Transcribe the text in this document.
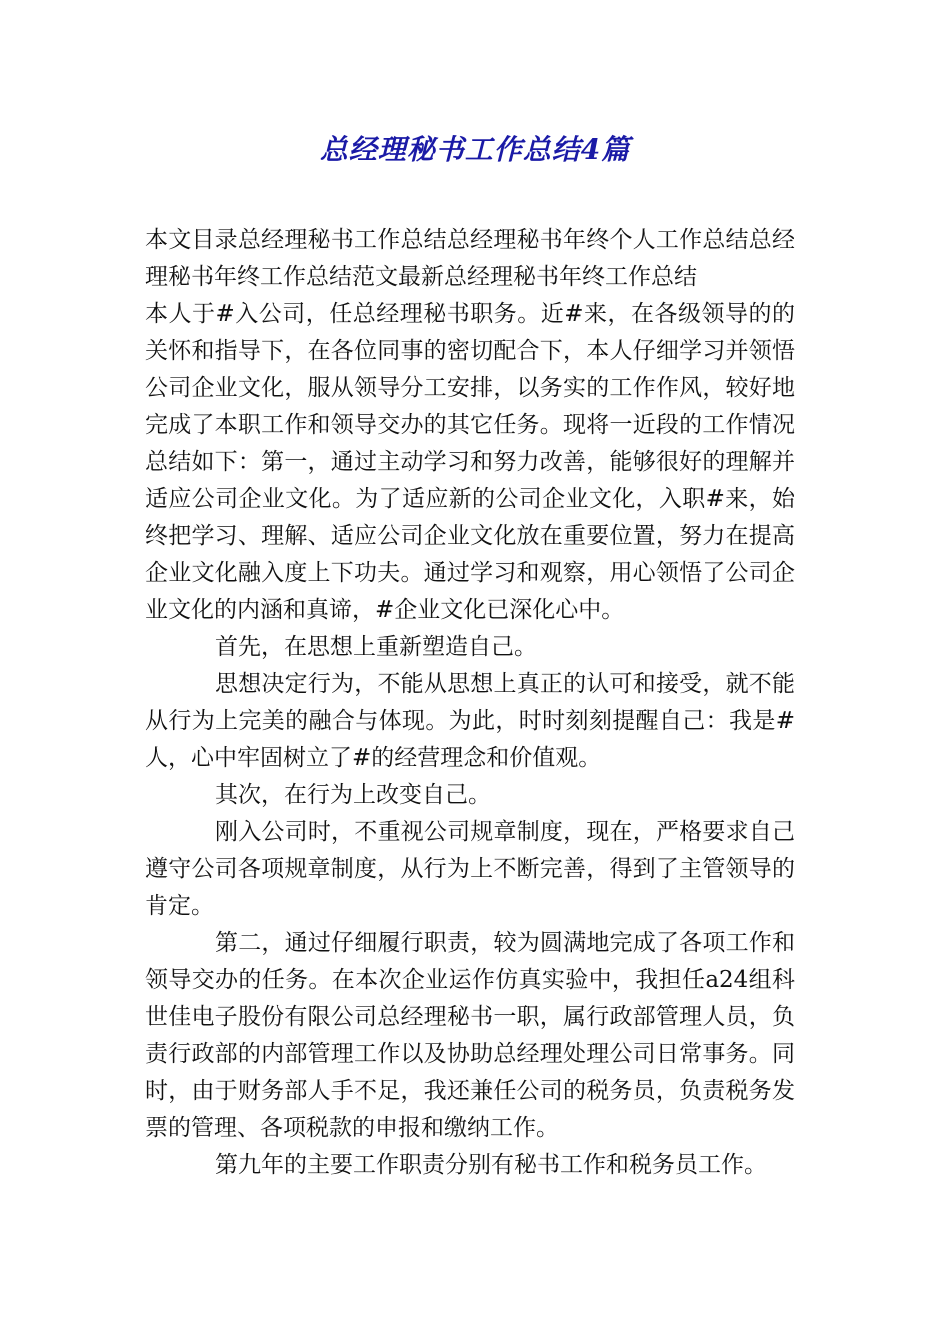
总经理秘书工作总结4篇

本文目录总经理秘书工作总结总经理秘书年终个人工作总结总经理秘书年终工作总结范文最新总经理秘书年终工作总结

本人于#入公司，任总经理秘书职务。近#来，在各级领导的的关怀和指导下，在各位同事的密切配合下，本人仔细学习并领悟公司企业文化，服从领导分工安排，以务实的工作作风，较好地完成了本职工作和领导交办的其它任务。现将一近段的工作情况总结如下：第一，通过主动学习和努力改善，能够很好的理解并适应公司企业文化。为了适应新的公司企业文化，入职#来，始终把学习、理解、适应公司企业文化放在重要位置，努力在提高企业文化融入度上下功夫。通过学习和观察，用心领悟了公司企业文化的内涵和真谛，#企业文化已深化心中。

首先，在思想上重新塑造自己。

思想决定行为，不能从思想上真正的认可和接受，就不能从行为上完美的融合与体现。为此，时时刻刻提醒自己：我是#人，心中牢固树立了#的经营理念和价值观。

其次，在行为上改变自己。

刚入公司时，不重视公司规章制度，现在，严格要求自己遵守公司各项规章制度，从行为上不断完善，得到了主管领导的肯定。

第二，通过仔细履行职责，较为圆满地完成了各项工作和领导交办的任务。在本次企业运作仿真实验中，我担任a24组科世佳电子股份有限公司总经理秘书一职，属行政部管理人员，负责行政部的内部管理工作以及协助总经理处理公司日常事务。同时，由于财务部人手不足，我还兼任公司的税务员，负责税务发票的管理、各项税款的申报和缴纳工作。

第九年的主要工作职责分别有秘书工作和税务员工作。
